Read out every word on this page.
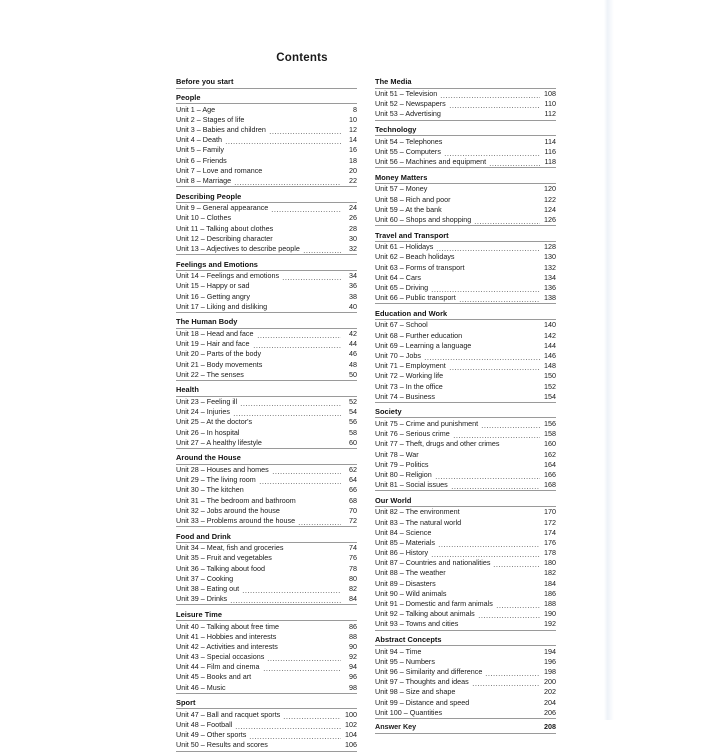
Contents
Before you start
People
Unit 1 – Age	8
Unit 2 – Stages of life	10
Unit 3 – Babies and children	12
Unit 4 – Death	14
Unit 5 – Family	16
Unit 6 – Friends	18
Unit 7 – Love and romance	20
Unit 8 – Marriage	22
Describing People
Unit 9 – General appearance	24
Unit 10 – Clothes	26
Unit 11 – Talking about clothes	28
Unit 12 – Describing character	30
Unit 13 – Adjectives to describe people	32
Feelings and Emotions
Unit 14 – Feelings and emotions	34
Unit 15 – Happy or sad	36
Unit 16 – Getting angry	38
Unit 17 – Liking and disliking	40
The Human Body
Unit 18 – Head and face	42
Unit 19 – Hair and face	44
Unit 20 – Parts of the body	46
Unit 21 – Body movements	48
Unit 22 – The senses	50
Health
Unit 23 – Feeling ill	52
Unit 24 – Injuries	54
Unit 25 – At the doctor's	56
Unit 26 – In hospital	58
Unit 27 – A healthy lifestyle	60
Around the House
Unit 28 – Houses and homes	62
Unit 29 – The living room	64
Unit 30 – The kitchen	66
Unit 31 – The bedroom and bathroom	68
Unit 32 – Jobs around the house	70
Unit 33 – Problems around the house	72
Food and Drink
Unit 34 – Meat, fish and groceries	74
Unit 35 – Fruit and vegetables	76
Unit 36 – Talking about food	78
Unit 37 – Cooking	80
Unit 38 – Eating out	82
Unit 39 – Drinks	84
Leisure Time
Unit 40 – Talking about free time	86
Unit 41 – Hobbies and interests	88
Unit 42 – Activities and interests	90
Unit 43 – Special occasions	92
Unit 44 – Film and cinema	94
Unit 45 – Books and art	96
Unit 46 – Music	98
Sport
Unit 47 – Ball and racquet sports	100
Unit 48 – Football	102
Unit 49 – Other sports	104
Unit 50 – Results and scores	106
The Media
Unit 51 – Television	108
Unit 52 – Newspapers	110
Unit 53 – Advertising	112
Technology
Unit 54 – Telephones	114
Unit 55 – Computers	116
Unit 56 – Machines and equipment	118
Money Matters
Unit 57 – Money	120
Unit 58 – Rich and poor	122
Unit 59 – At the bank	124
Unit 60 – Shops and shopping	126
Travel and Transport
Unit 61 – Holidays	128
Unit 62 – Beach holidays	130
Unit 63 – Forms of transport	132
Unit 64 – Cars	134
Unit 65 – Driving	136
Unit 66 – Public transport	138
Education and Work
Unit 67 – School	140
Unit 68 – Further education	142
Unit 69 – Learning a language	144
Unit 70 – Jobs	146
Unit 71 – Employment	148
Unit 72 – Working life	150
Unit 73 – In the office	152
Unit 74 – Business	154
Society
Unit 75 – Crime and punishment	156
Unit 76 – Serious crime	158
Unit 77 – Theft, drugs and other crimes	160
Unit 78 – War	162
Unit 79 – Politics	164
Unit 80 – Religion	166
Unit 81 – Social issues	168
Our World
Unit 82 – The environment	170
Unit 83 – The natural world	172
Unit 84 – Science	174
Unit 85 – Materials	176
Unit 86 – History	178
Unit 87 – Countries and nationalities	180
Unit 88 – The weather	182
Unit 89 – Disasters	184
Unit 90 – Wild animals	186
Unit 91 – Domestic and farm animals	188
Unit 92 – Talking about animals	190
Unit 93 – Towns and cities	192
Abstract Concepts
Unit 94 – Time	194
Unit 95 – Numbers	196
Unit 96 – Similarity and difference	198
Unit 97 – Thoughts and ideas	200
Unit 98 – Size and shape	202
Unit 99 – Distance and speed	204
Unit 100 – Quantities	206
Answer Key	208
